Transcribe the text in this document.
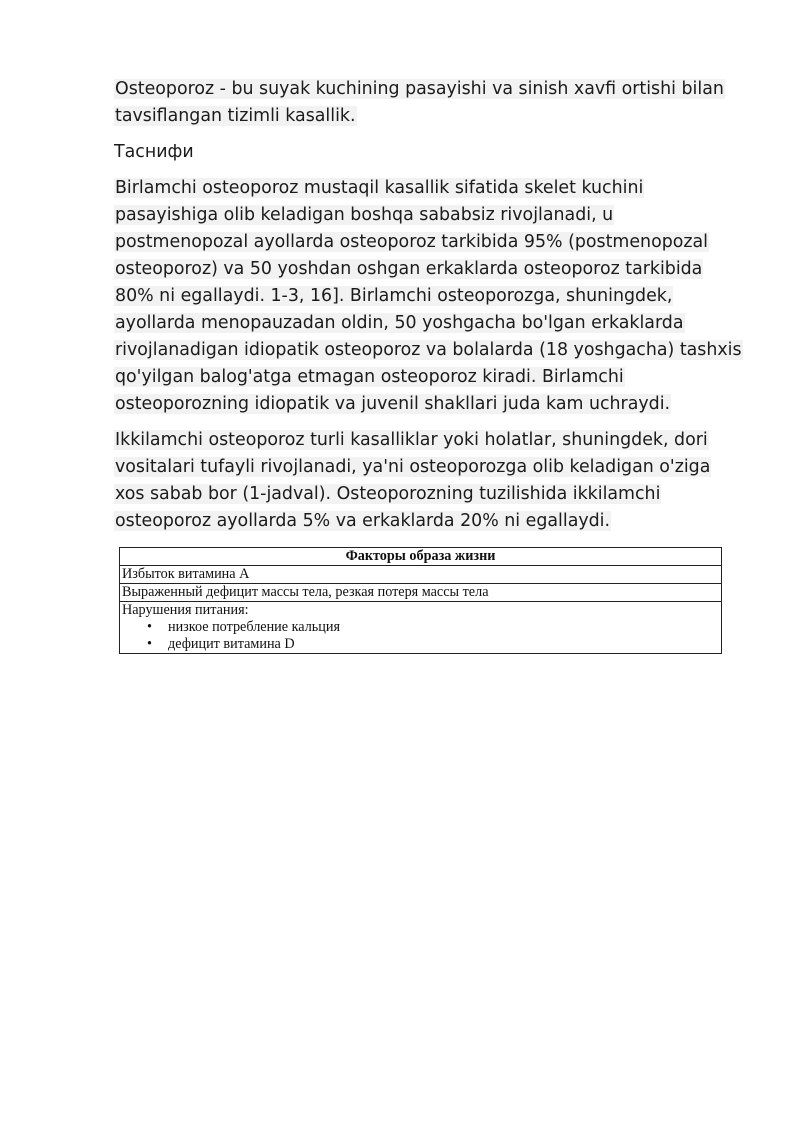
Osteoporoz - bu suyak kuchining pasayishi va sinish xavfi ortishi bilan tavsiflangan tizimli kasallik.

Таснифи

Birlamchi osteoporoz mustaqil kasallik sifatida skelet kuchini pasayishiga olib keladigan boshqa sababsiz rivojlanadi, u postmenopozal ayollarda osteoporoz tarkibida 95% (postmenopozal osteoporoz) va 50 yoshdan oshgan erkaklarda osteoporoz tarkibida 80% ni egallaydi. 1-3, 16]. Birlamchi osteoporozga, shuningdek, ayollarda menopauzadan oldin, 50 yoshgacha bo'lgan erkaklarda rivojlanadigan idiopatik osteoporoz va bolalarda (18 yoshgacha) tashxis qo'yilgan balog'atga etmagan osteoporoz kiradi. Birlamchi osteoporozning idiopatik va juvenil shakllari juda kam uchraydi.

Ikkilamchi osteoporoz turli kasalliklar yoki holatlar, shuningdek, dori vositalari tufayli rivojlanadi, ya'ni osteoporozga olib keladigan o'ziga xos sabab bor (1-jadval). Osteoporozning tuzilishida ikkilamchi osteoporoz ayollarda 5% va erkaklarda 20% ni egallaydi.

Факторы образа жизни
Избыток витамина А
Выраженный дефицит массы тела, резкая потеря массы тела

Нарушения питания:
• низкое потребление кальция
• дефицит витамина D
